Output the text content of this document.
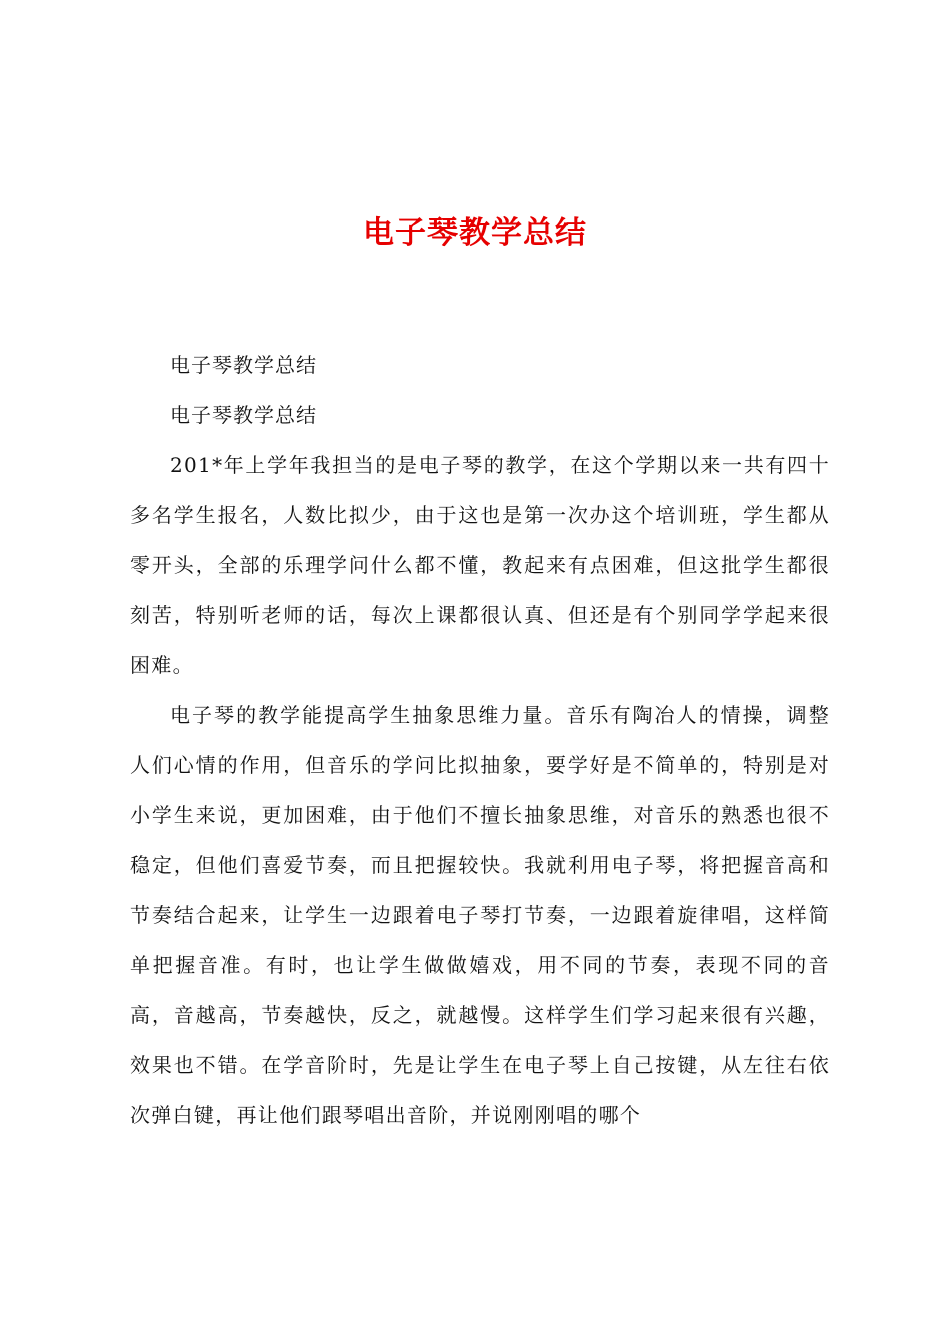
电子琴教学总结

电子琴教学总结

电子琴教学总结

201*年上学年我担当的是电子琴的教学，在这个学期以来一共有四十多名学生报名，人数比拟少，由于这也是第一次办这个培训班，学生都从零开头，全部的乐理学问什么都不懂，教起来有点困难，但这批学生都很刻苦，特别听老师的话，每次上课都很认真、但还是有个别同学学起来很困难。

电子琴的教学能提高学生抽象思维力量。音乐有陶冶人的情操，调整人们心情的作用，但音乐的学问比拟抽象，要学好是不简单的，特别是对小学生来说，更加困难，由于他们不擅长抽象思维，对音乐的熟悉也很不稳定，但他们喜爱节奏，而且把握较快。我就利用电子琴，将把握音高和节奏结合起来，让学生一边跟着电子琴打节奏，一边跟着旋律唱，这样简单把握音准。有时，也让学生做做嬉戏，用不同的节奏，表现不同的音高，音越高，节奏越快，反之，就越慢。这样学生们学习起来很有兴趣，效果也不错。在学音阶时，先是让学生在电子琴上自己按键，从左往右依次弹白键，再让他们跟琴唱出音阶，并说刚刚唱的哪个
